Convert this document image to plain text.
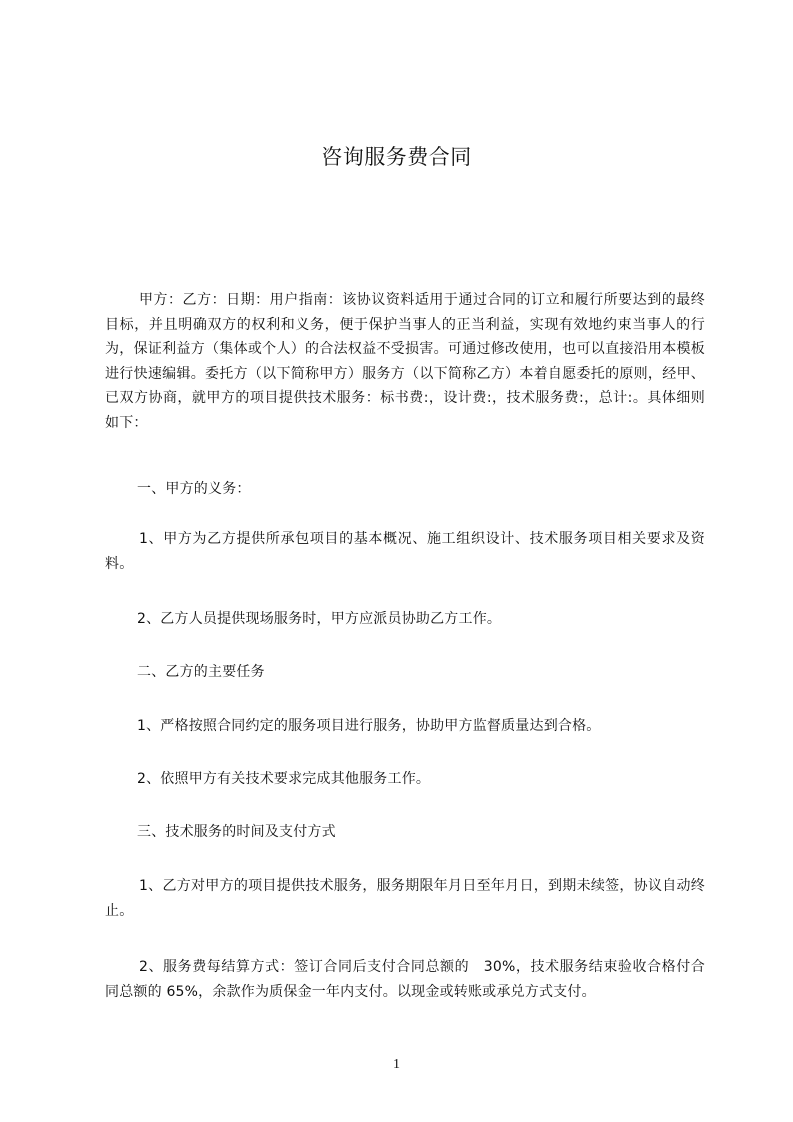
咨询服务费合同

甲方：乙方：日期：用户指南：该协议资料适用于通过合同的订立和履行所要达到的最终目标，并且明确双方的权利和义务，便于保护当事人的正当利益，实现有效地约束当事人的行为，保证利益方（集体或个人）的合法权益不受损害。可通过修改使用，也可以直接沿用本模板进行快速编辑。委托方（以下简称甲方）服务方（以下简称乙方）本着自愿委托的原则，经甲、已双方协商，就甲方的项目提供技术服务：标书费:，设计费:，技术服务费:，总计:。具体细则如下：

一、甲方的义务：

1、甲方为乙方提供所承包项目的基本概况、施工组织设计、技术服务项目相关要求及资料。

2、乙方人员提供现场服务时，甲方应派员协助乙方工作。

二、乙方的主要任务

1、严格按照合同约定的服务项目进行服务，协助甲方监督质量达到合格。

2、依照甲方有关技术要求完成其他服务工作。

三、技术服务的时间及支付方式

1、乙方对甲方的项目提供技术服务，服务期限年月日至年月日，到期未续签，协议自动终止。

2、服务费每结算方式：签订合同后支付合同总额的　30%，技术服务结束验收合格付合同总额的 65%，余款作为质保金一年内支付。以现金或转账或承兑方式支付。

1
